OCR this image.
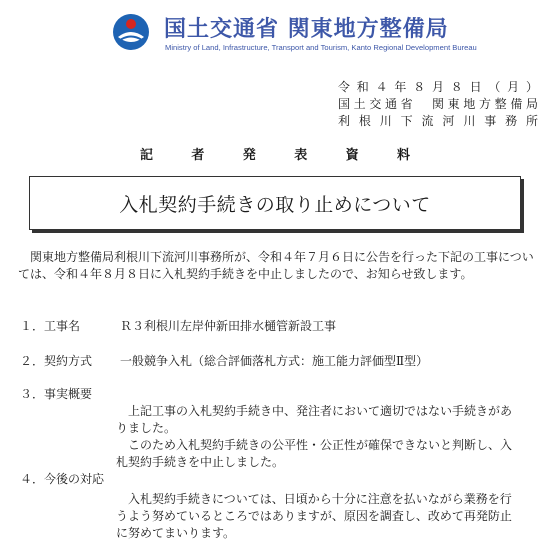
国土交通省 関東地方整備局
Ministry of Land, Infrastructure, Transport and Tourism, Kanto Regional Development Bureau
令和４年８月８日（月）
国土交通省　関東地方整備局
利根川下流河川事務所
記者発表資料
入札契約手続きの取り止めについて
関東地方整備局利根川下流河川事務所が、令和４年７月６日に公告を行った下記の工事については、令和４年８月８日に入札契約手続きを中止しましたので、お知らせ致します。
１．工事名	Ｒ３利根川左岸仲新田排水樋管新設工事
２．契約方式 一般競争入札（総合評価落札方式：施工能力評価型Ⅱ型）
３．事実概要

上記工事の入札契約手続き中、発注者において適切ではない手続きがありました。

このため入札契約手続きの公平性・公正性が確保できないと判断し、入札契約手続きを中止しました。

４．今後の対応

入札契約手続きについては、日頃から十分に注意を払いながら業務を行うよう努めているところではありますが、原因を調査し、改めて再発防止に努めてまいります。
